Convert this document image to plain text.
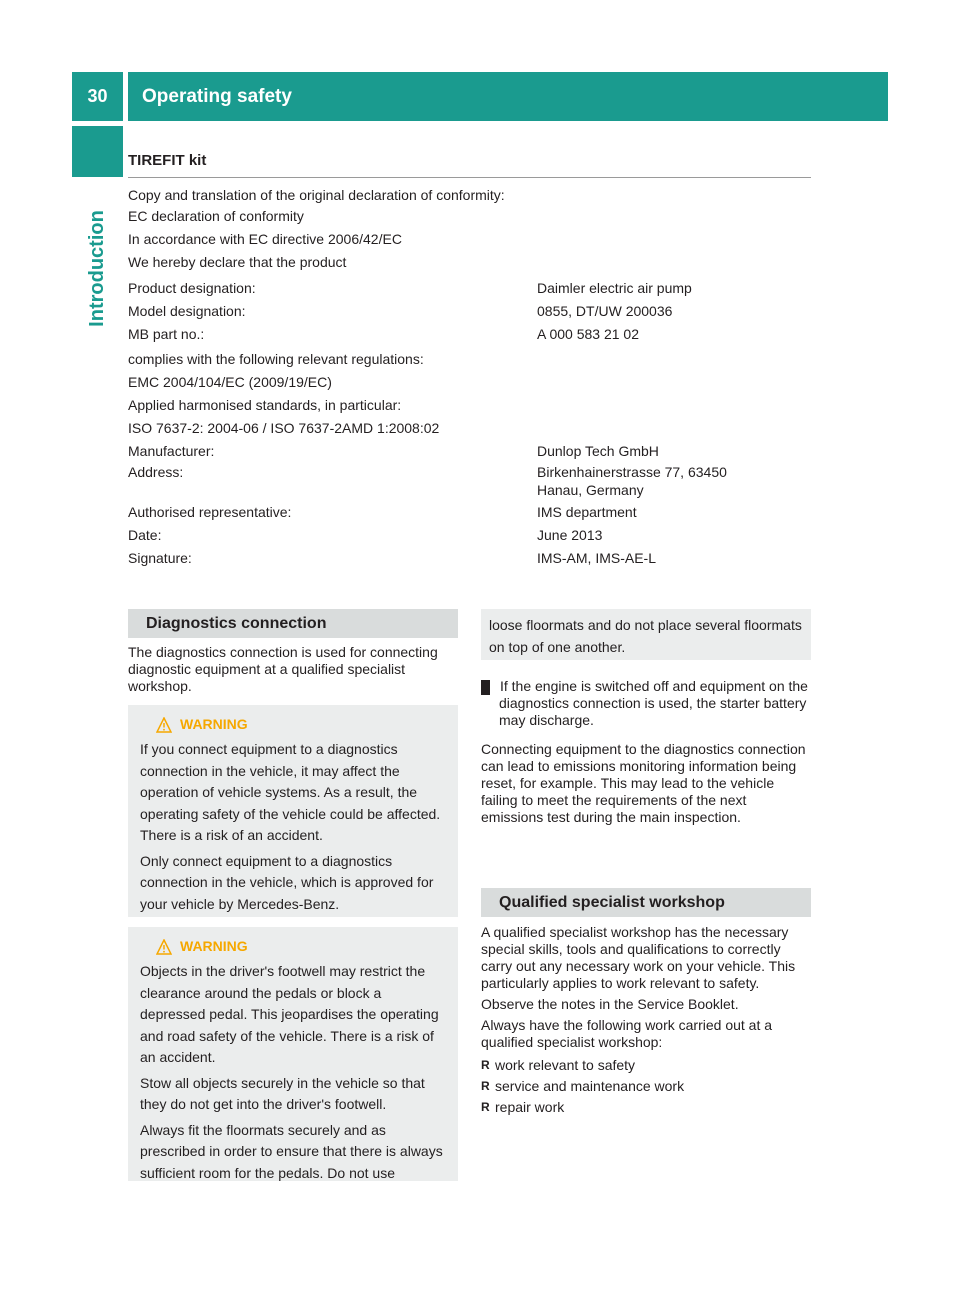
30	Operating safety
Introduction
TIREFIT kit
Copy and translation of the original declaration of conformity:
EC declaration of conformity
In accordance with EC directive 2006/42/EC
We hereby declare that the product
Product designation:	Daimler electric air pump
Model designation:	0855, DT/UW 200036
MB part no.:	A 000 583 21 02
complies with the following relevant regulations:
EMC 2004/104/EC (2009/19/EC)
Applied harmonised standards, in particular:
ISO 7637-2: 2004-06 / ISO 7637-2AMD 1:2008:02
Manufacturer:	Dunlop Tech GmbH
Address:	Birkenhainerstrasse 77, 63450
Hanau, Germany
Authorised representative:	IMS department
Date:	June 2013
Signature:	IMS-AM, IMS-AE-L
Diagnostics connection

The diagnostics connection is used for connecting diagnostic equipment at a qualified specialist workshop.

WARNING

If you connect equipment to a diagnostics connection in the vehicle, it may affect the operation of vehicle systems. As a result, the operating safety of the vehicle could be affected. There is a risk of an accident.

Only connect equipment to a diagnostics connection in the vehicle, which is approved for your vehicle by Mercedes-Benz.

WARNING

Objects in the driver's footwell may restrict the clearance around the pedals or block a depressed pedal. This jeopardises the operating and road safety of the vehicle. There is a risk of an accident.

Stow all objects securely in the vehicle so that they do not get into the driver's footwell.

Always fit the floormats securely and as prescribed in order to ensure that there is always sufficient room for the pedals. Do not use

loose floormats and do not place several floormats on top of one another.

! If the engine is switched off and equipment on the diagnostics connection is used, the starter battery may discharge.

Connecting equipment to the diagnostics connection can lead to emissions monitoring information being reset, for example. This may lead to the vehicle failing to meet the requirements of the next emissions test during the main inspection.

Qualified specialist workshop

A qualified specialist workshop has the necessary special skills, tools and qualifications to correctly carry out any necessary work on your vehicle. This particularly applies to work relevant to safety.

Observe the notes in the Service Booklet.

Always have the following work carried out at a qualified specialist workshop:

R work relevant to safety
R service and maintenance work
R repair work
